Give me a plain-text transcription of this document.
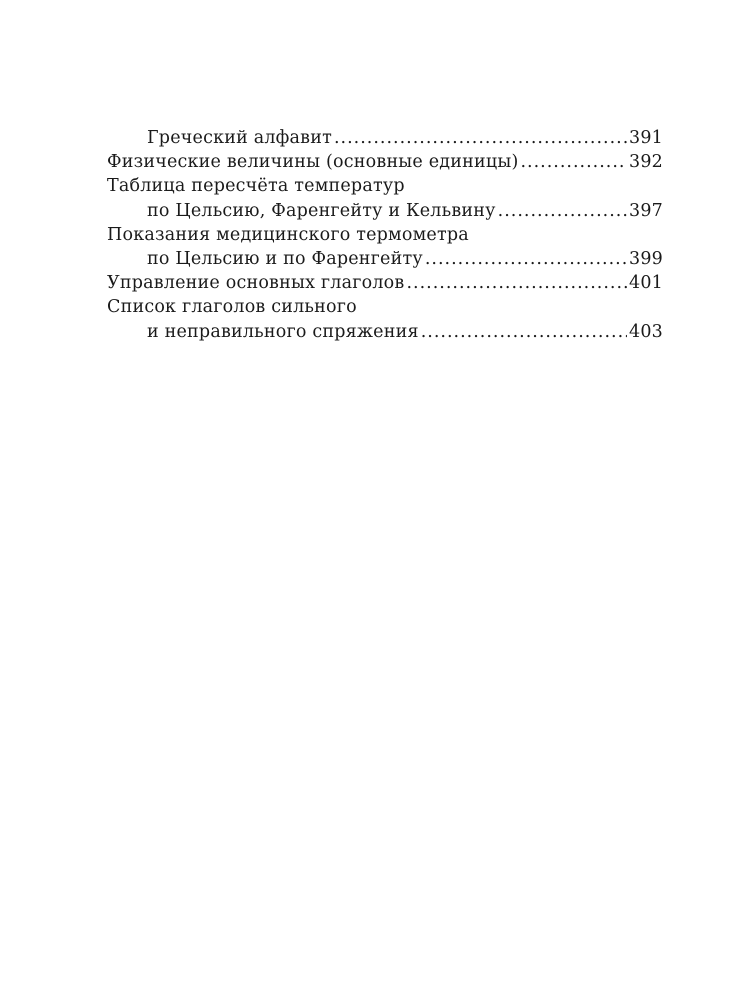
Греческий алфавит .....	391
Физические величины (основные единицы) .....	392
Таблица пересчёта температур
по Цельсию, Фаренгейту и Кельвину .....	397
Показания медицинского термометра
по Цельсию и по Фаренгейту .....	399
Управление основных глаголов .....	401
Список глаголов сильного
и неправильного спряжения .....	403
